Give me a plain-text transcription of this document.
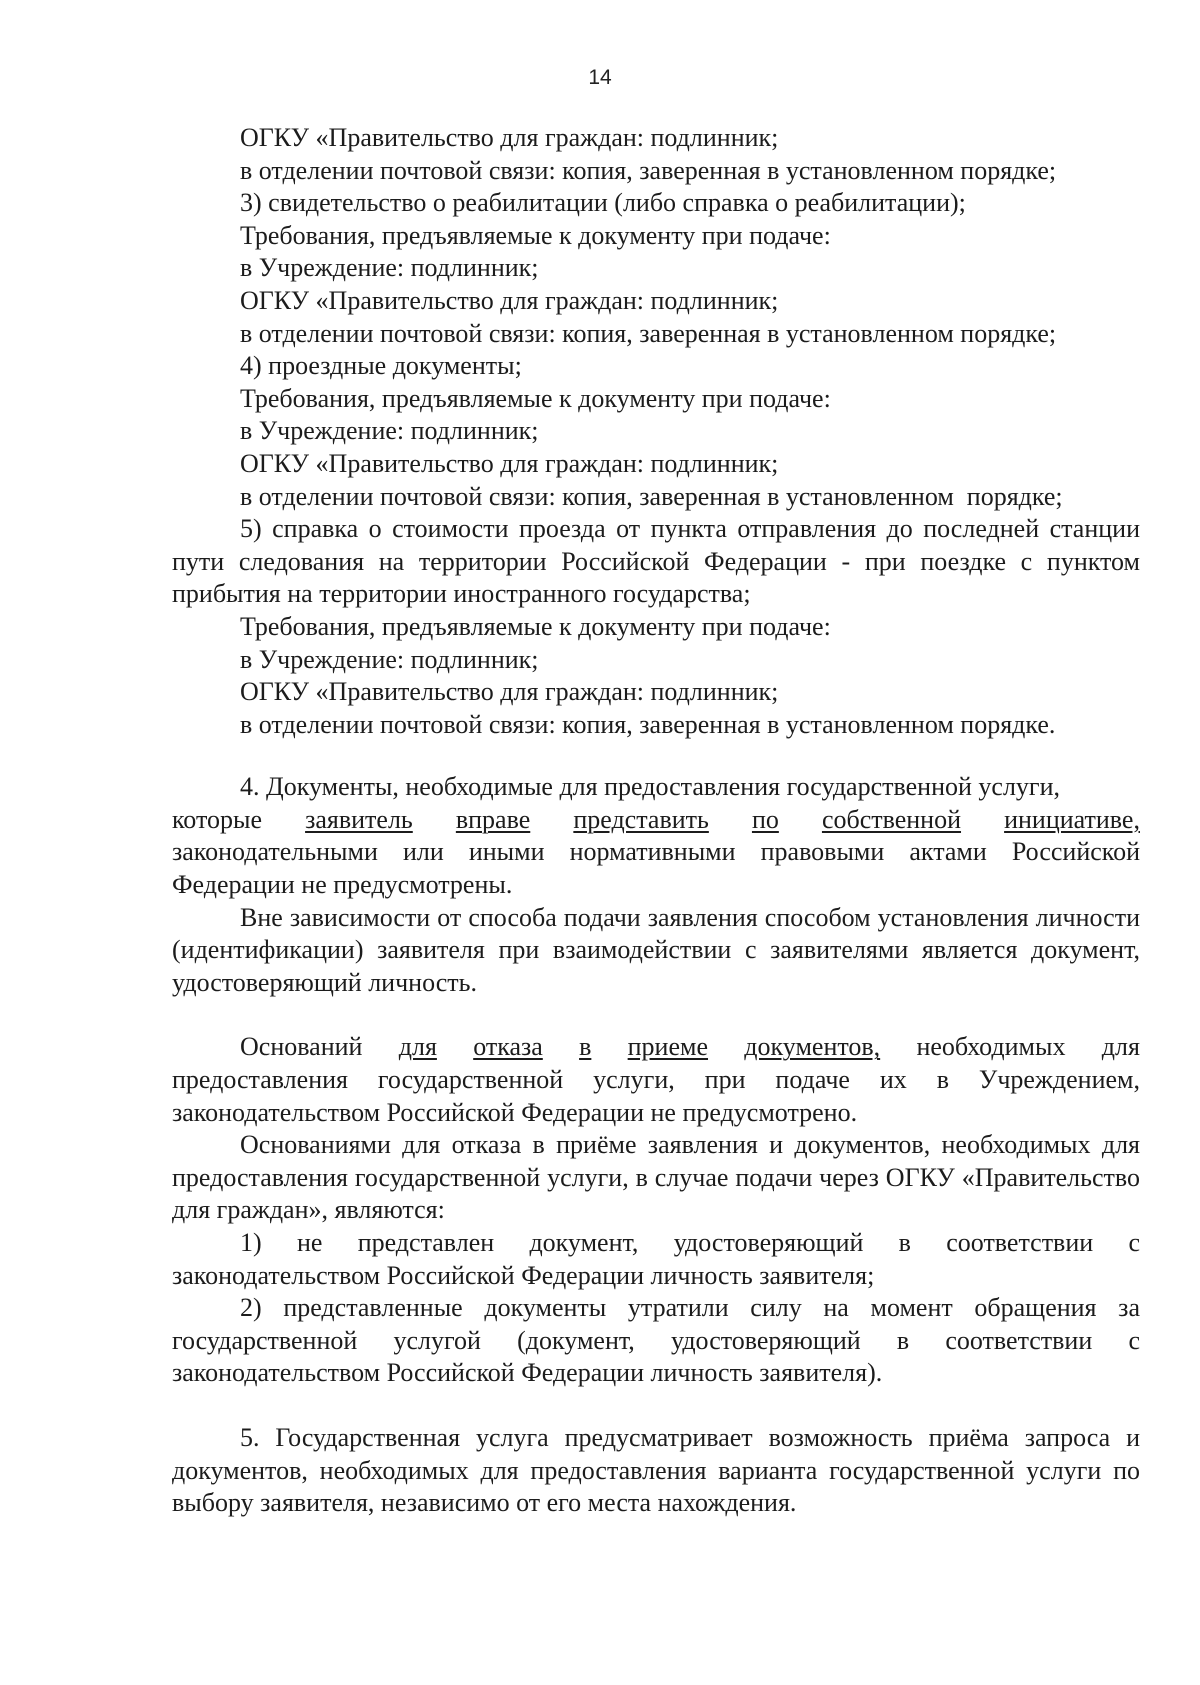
14

ОГКУ «Правительство для граждан: подлинник;

в отделении почтовой связи: копия, заверенная в установленном порядке;

3) свидетельство о реабилитации (либо справка о реабилитации);

Требования, предъявляемые к документу при подаче:

в Учреждение: подлинник;

ОГКУ «Правительство для граждан: подлинник;

в отделении почтовой связи: копия, заверенная в установленном порядке;

4) проездные документы;

Требования, предъявляемые к документу при подаче:

в Учреждение: подлинник;

ОГКУ «Правительство для граждан: подлинник;

в отделении почтовой связи: копия, заверенная в установленном  порядке;

5) справка о стоимости проезда от пункта отправления до последней станции пути следования на территории Российской Федерации - при поездке с пунктом прибытия на территории иностранного государства;

Требования, предъявляемые к документу при подаче:

в Учреждение: подлинник;

ОГКУ «Правительство для граждан: подлинник;

в отделении почтовой связи: копия, заверенная в установленном порядке.

4. Документы, необходимые для предоставления государственной услуги,

которые заявитель вправе представить по собственной инициативе,

законодательными или иными нормативными правовыми актами Российской Федерации не предусмотрены.

Вне зависимости от способа подачи заявления способом установления личности (идентификации) заявителя при взаимодействии с заявителями является документ, удостоверяющий личность.

Оснований для отказа в приеме документов, необходимых для

предоставления государственной услуги, при подаче их в Учреждением, законодательством Российской Федерации не предусмотрено.

Основаниями для отказа в приёме заявления и документов, необходимых для предоставления государственной услуги, в случае подачи через ОГКУ «Правительство для граждан», являются:

1) не представлен документ, удостоверяющий в соответствии с законодательством Российской Федерации личность заявителя;

2) представленные документы утратили силу на момент обращения за государственной услугой (документ, удостоверяющий в соответствии с законодательством Российской Федерации личность заявителя).

5. Государственная услуга предусматривает возможность приёма запроса и документов, необходимых для предоставления варианта государственной услуги по выбору заявителя, независимо от его места нахождения.
